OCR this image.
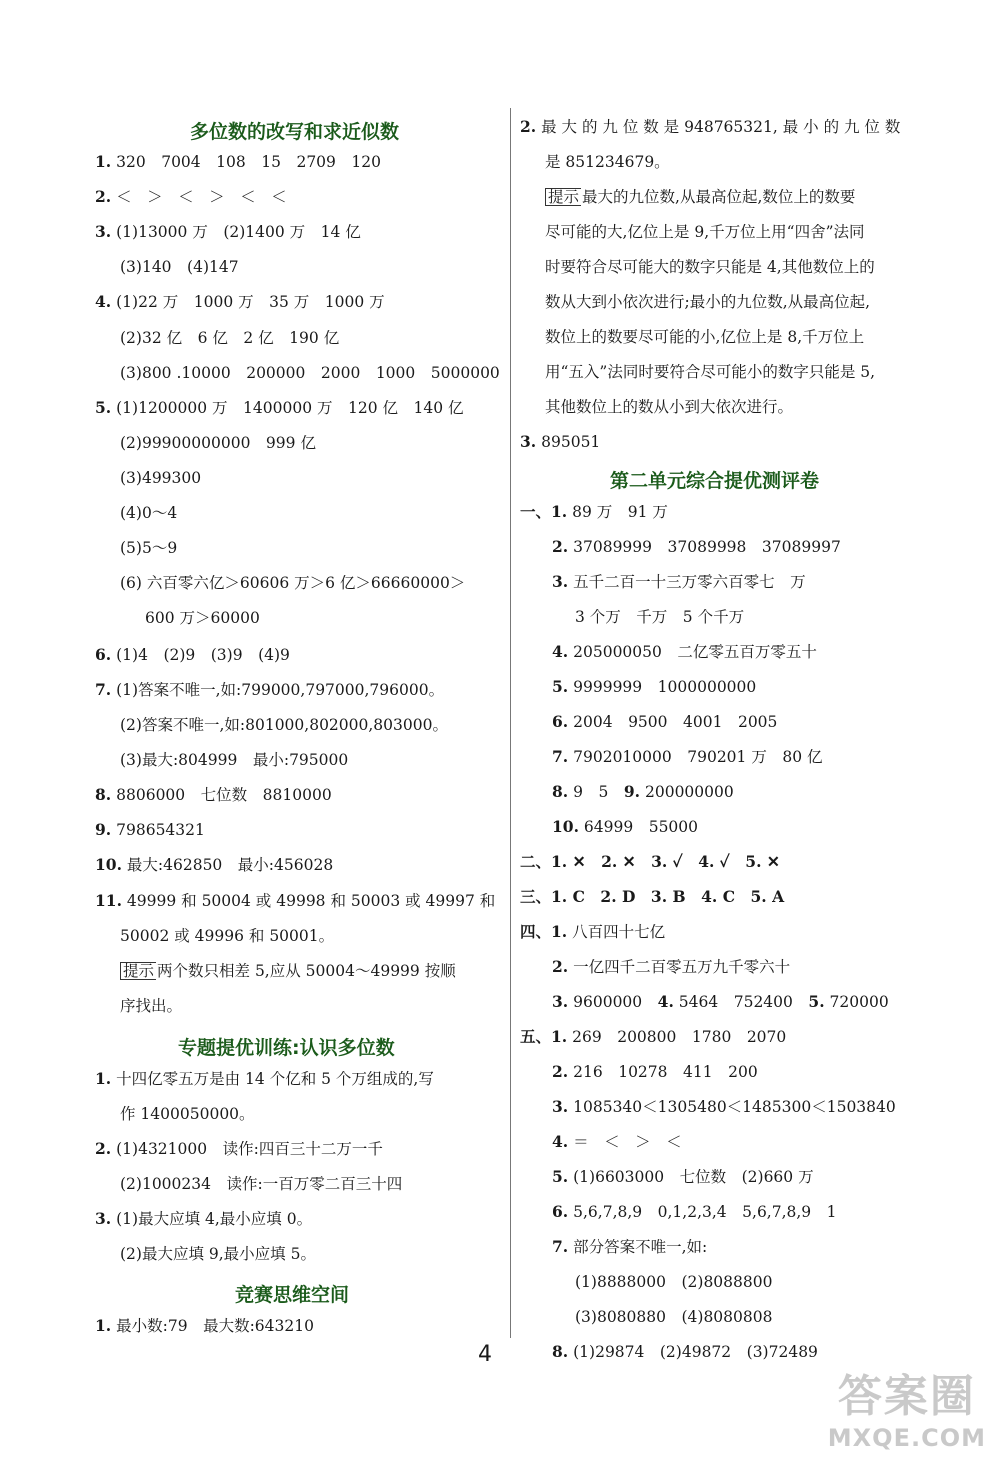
多位数的改写和求近似数
1. 320　7004　108　15　2709　120
2. ＜　＞　＜　＞　＜　＜
3. (1)13000 万　(2)1400 万　14 亿
(3)140　(4)147
4. (1)22 万　1000 万　35 万　1000 万
(2)32 亿　6 亿　2 亿　190 亿
(3)800 .10000　200000　2000　1000　5000000
5. (1)1200000 万　1400000 万　120 亿　140 亿
(2)99900000000　999 亿
(3)499300
(4)0～4
(5)5～9
(6) 六百零六亿＞60606 万＞6 亿＞66660000＞
600 万＞60000
6. (1)4　(2)9　(3)9　(4)9
7. (1)答案不唯一,如:799000,797000,796000。
(2)答案不唯一,如:801000,802000,803000。
(3)最大:804999　最小:795000
8. 8806000　七位数　8810000
9. 798654321
10. 最大:462850　最小:456028
11. 49999 和 50004 或 49998 和 50003 或 49997 和
50002 或 49996 和 50001。
提示 两个数只相差 5,应从 50004～49999 按顺
序找出。
专题提优训练:认识多位数
1. 十四亿零五万是由 14 个亿和 5 个万组成的,写
作 1400050000。
2. (1)4321000　读作:四百三十二万一千
(2)1000234　读作:一百万零二百三十四
3. (1)最大应填 4,最小应填 0。
(2)最大应填 9,最小应填 5。
竞赛思维空间
1. 最小数:79　最大数:643210
2. 最 大 的 九 位 数 是 948765321, 最 小 的 九 位 数
是 851234679。
提示 最大的九位数,从最高位起,数位上的数要
尽可能的大,亿位上是 9,千万位上用“四舍”法同
时要符合尽可能大的数字只能是 4,其他数位上的
数从大到小依次进行;最小的九位数,从最高位起,
数位上的数要尽可能的小,亿位上是 8,千万位上
用“五入”法同时要符合尽可能小的数字只能是 5,
其他数位上的数从小到大依次进行。
3. 895051
第二单元综合提优测评卷
一、1. 89 万　91 万
2. 37089999　37089998　37089997
3. 五千二百一十三万零六百零七　万
3 个万　千万　5 个千万
4. 205000050　二亿零五百万零五十
5. 9999999　1000000000
6. 2004　9500　4001　2005
7. 7902010000　790201 万　80 亿
8. 9　5　9. 200000000
10. 64999　55000
二、1. ✕　2. ✕　3. ✓　4. ✓　5. ✕
三、1. C　2. D　3. B　4. C　5. A
四、1. 八百四十七亿
2. 一亿四千二百零五万九千零六十
3. 9600000　4. 5464　752400　5. 720000
五、1. 269　200800　1780　2070
2. 216　10278　411　200
3. 1085340＜1305480＜1485300＜1503840
4. ＝　＜　＞　＜
5. (1)6603000　七位数　(2)660 万
6. 5,6,7,8,9　0,1,2,3,4　5,6,7,8,9　1
7. 部分答案不唯一,如:
(1)8888000　(2)8088800
(3)8080880　(4)8080808
8. (1)29874　(2)49872　(3)72489
4
答案圈
MXQE.COM
